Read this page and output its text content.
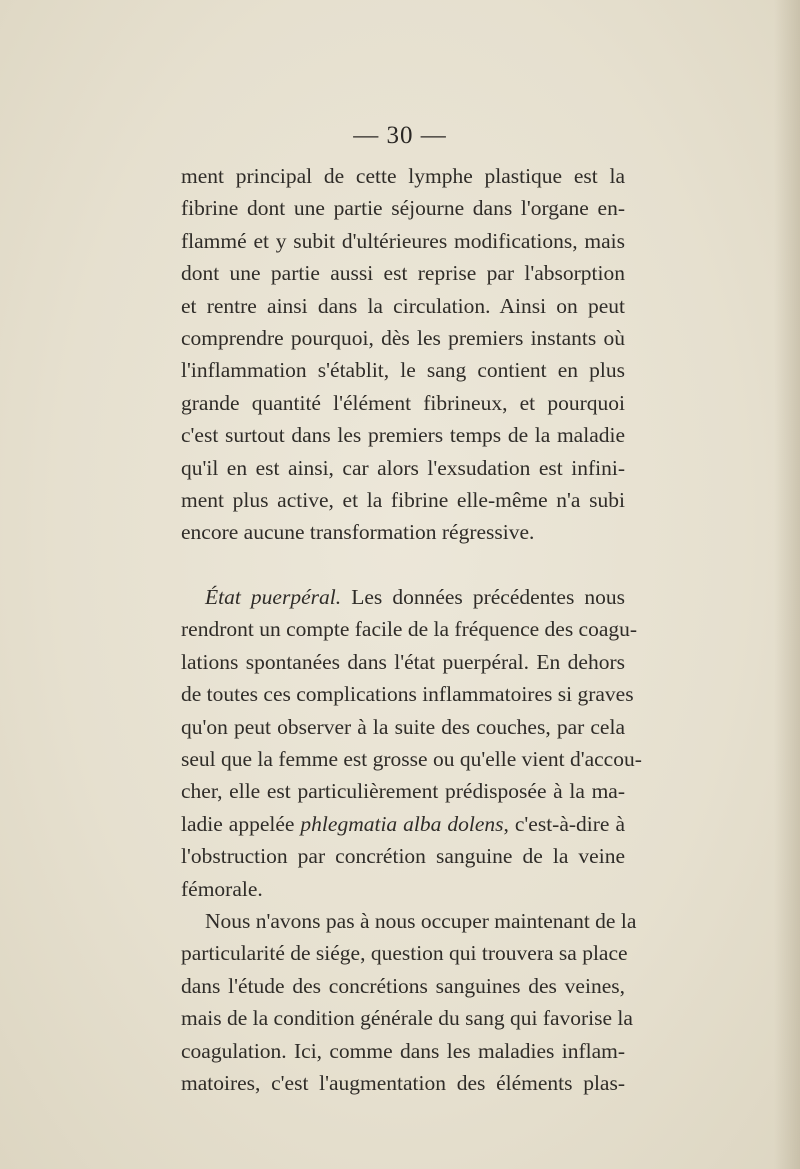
— 30 —
ment principal de cette lymphe plastique est la
fibrine dont une partie séjourne dans l'organe en-
flammé et y subit d'ultérieures modifications, mais
dont une partie aussi est reprise par l'absorption
et rentre ainsi dans la circulation. Ainsi on peut
comprendre pourquoi, dès les premiers instants où
l'inflammation s'établit, le sang contient en plus
grande quantité l'élément fibrineux, et pourquoi
c'est surtout dans les premiers temps de la maladie
qu'il en est ainsi, car alors l'exsudation est infini-
ment plus active, et la fibrine elle-même n'a subi
encore aucune transformation régressive.
État puerpéral. Les données précédentes nous
rendront un compte facile de la fréquence des coagu-
lations spontanées dans l'état puerpéral. En dehors
de toutes ces complications inflammatoires si graves
qu'on peut observer à la suite des couches, par cela
seul que la femme est grosse ou qu'elle vient d'accou-
cher, elle est particulièrement prédisposée à la ma-
ladie appelée phlegmatia alba dolens, c'est-à-dire à
l'obstruction par concrétion sanguine de la veine
fémorale.
Nous n'avons pas à nous occuper maintenant de la
particularité de siége, question qui trouvera sa place
dans l'étude des concrétions sanguines des veines,
mais de la condition générale du sang qui favorise la
coagulation. Ici, comme dans les maladies inflam-
matoires, c'est l'augmentation des éléments plas-
